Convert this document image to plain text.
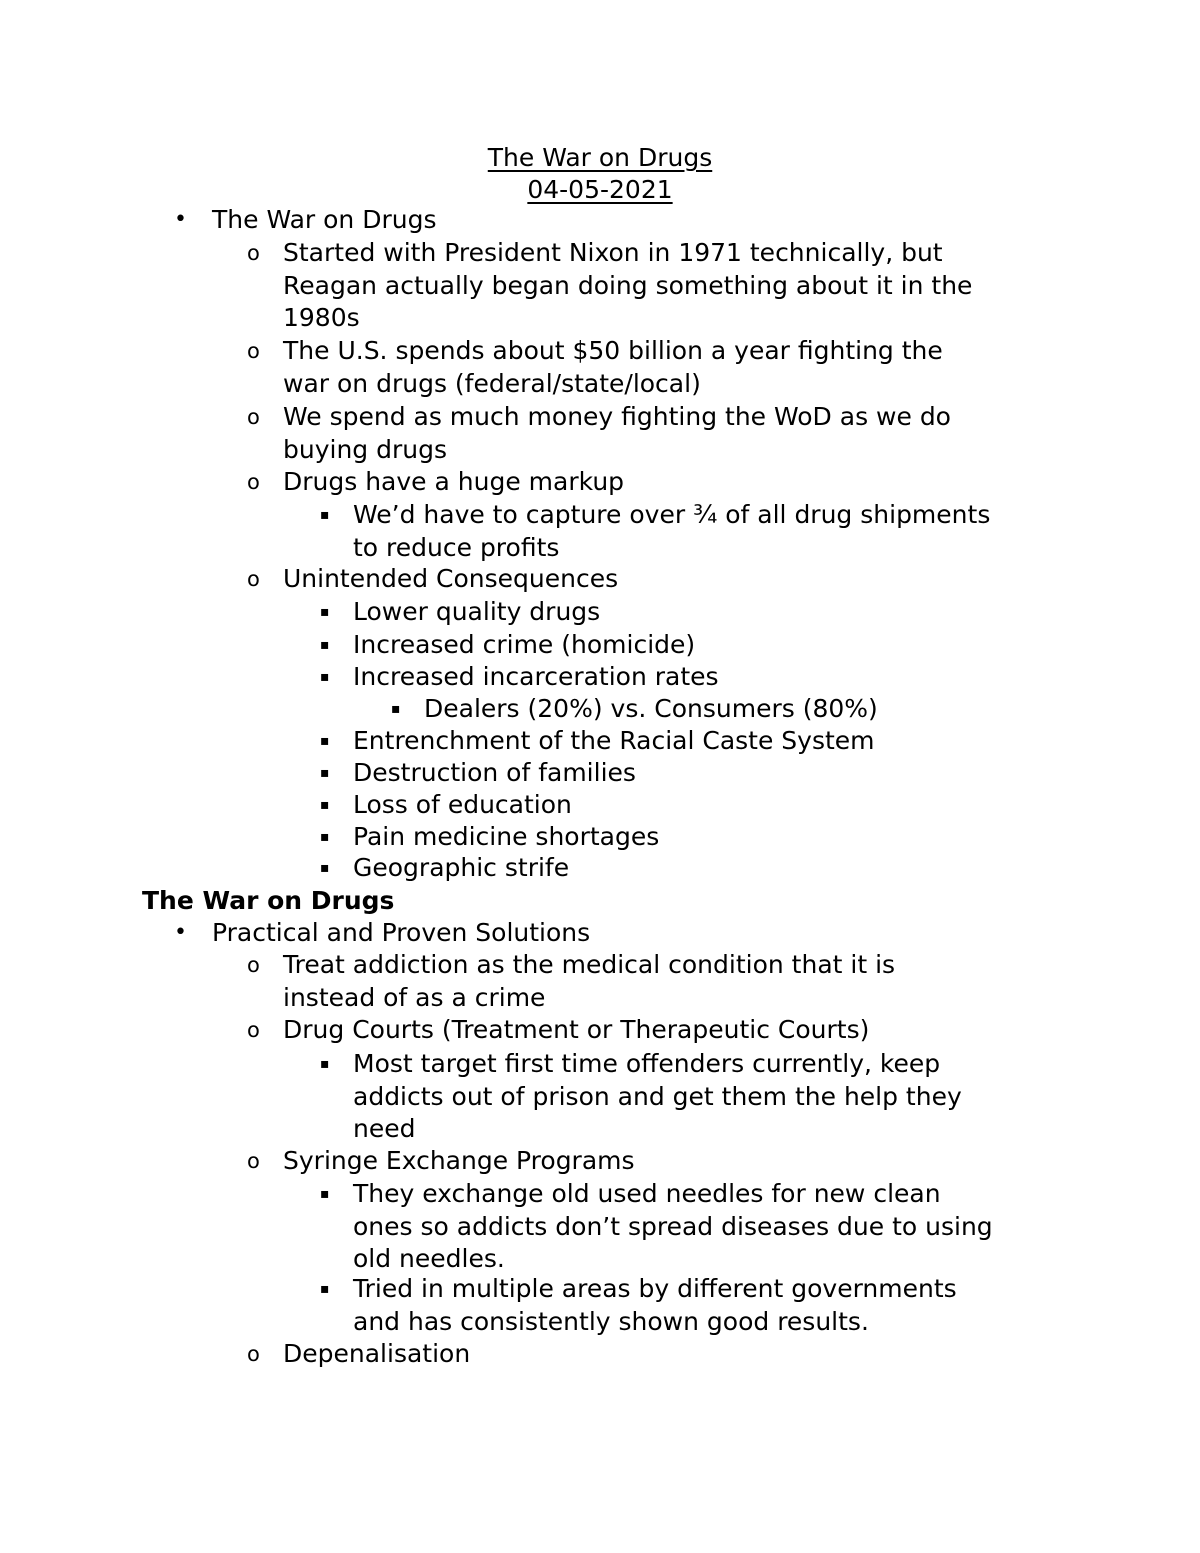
The War on Drugs
04-05-2021
• The War on Drugs
o Started with President Nixon in 1971 technically, but
Reagan actually began doing something about it in the
1980s
o The U.S. spends about $50 billion a year fighting the
war on drugs (federal/state/local)
o We spend as much money fighting the WoD as we do
buying drugs
o Drugs have a huge markup
▪ We’d have to capture over ¾ of all drug shipments
to reduce profits
o Unintended Consequences
▪ Lower quality drugs
▪ Increased crime (homicide)
▪ Increased incarceration rates
▪ Dealers (20%) vs. Consumers (80%)
▪ Entrenchment of the Racial Caste System
▪ Destruction of families
▪ Loss of education
▪ Pain medicine shortages
▪ Geographic strife
The War on Drugs
• Practical and Proven Solutions
o Treat addiction as the medical condition that it is
instead of as a crime
o Drug Courts (Treatment or Therapeutic Courts)
▪ Most target first time offenders currently, keep
addicts out of prison and get them the help they
need
o Syringe Exchange Programs
▪ They exchange old used needles for new clean
ones so addicts don’t spread diseases due to using
old needles.
▪ Tried in multiple areas by different governments
and has consistently shown good results.
o Depenalisation
